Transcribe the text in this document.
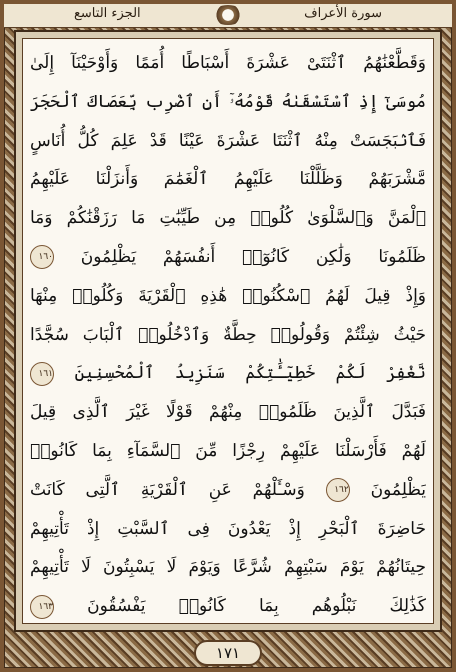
الجزء التاسع	سورة الأعراف
وَقَطَّعْنَٰهُمُ ٱثْنَتَىْ عَشْرَةَ أَسْبَاطًا أُمَمًا وَأَوْحَيْنَآ إِلَىٰ
مُوسَىٰٓ إِذِ ٱسْتَسْقَىٰهُ قَوْمُهُۥٓ أَنِ ٱضْرِب بِّعَصَاكَ ٱلْحَجَرَ
فَٱنۢبَجَسَتْ مِنْهُ ٱثْنَتَا عَشْرَةَ عَيْنًا قَدْ عَلِمَ كُلُّ أُنَاسٍ
مَّشْرَبَهُمْ وَظَلَّلْنَا عَلَيْهِمُ ٱلْغَمَٰمَ وَأَنزَلْنَا عَلَيْهِمُ
ٱلْمَنَّ وَٱلسَّلْوَىٰ كُلُوا۟ مِن طَيِّبَٰتِ مَا رَزَقْنَٰكُمْ وَمَا
ظَلَمُونَا وَلَٰكِن كَانُوٓا۟ أَنفُسَهُمْ يَظْلِمُونَ ١٦٠
وَإِذْ قِيلَ لَهُمُ ٱسْكُنُوا۟ هَٰذِهِ ٱلْقَرْيَةَ وَكُلُوا۟ مِنْهَا
حَيْثُ شِئْتُمْ وَقُولُوا۟ حِطَّةٌ وَٱدْخُلُوا۟ ٱلْبَابَ سُجَّدًا
نَّغْفِرْ لَكُمْ خَطِيٓـَٰٔتِكُمْ سَنَزِيدُ ٱلْمُحْسِنِينَ ١٦١
فَبَدَّلَ ٱلَّذِينَ ظَلَمُوا۟ مِنْهُمْ قَوْلًا غَيْرَ ٱلَّذِى قِيلَ
لَهُمْ فَأَرْسَلْنَا عَلَيْهِمْ رِجْزًا مِّنَ ٱلسَّمَآءِ بِمَا كَانُوا۟
يَظْلِمُونَ ١٦٢ وَسْـَٔلْهُمْ عَنِ ٱلْقَرْيَةِ ٱلَّتِى كَانَتْ
حَاضِرَةَ ٱلْبَحْرِ إِذْ يَعْدُونَ فِى ٱلسَّبْتِ إِذْ تَأْتِيهِمْ
حِيتَانُهُمْ يَوْمَ سَبْتِهِمْ شُرَّعًا وَيَوْمَ لَا يَسْبِتُونَ لَا تَأْتِيهِمْ
كَذَٰلِكَ نَبْلُوهُم بِمَا كَانُوا۟ يَفْسُقُونَ ١٦٣
١٧١
